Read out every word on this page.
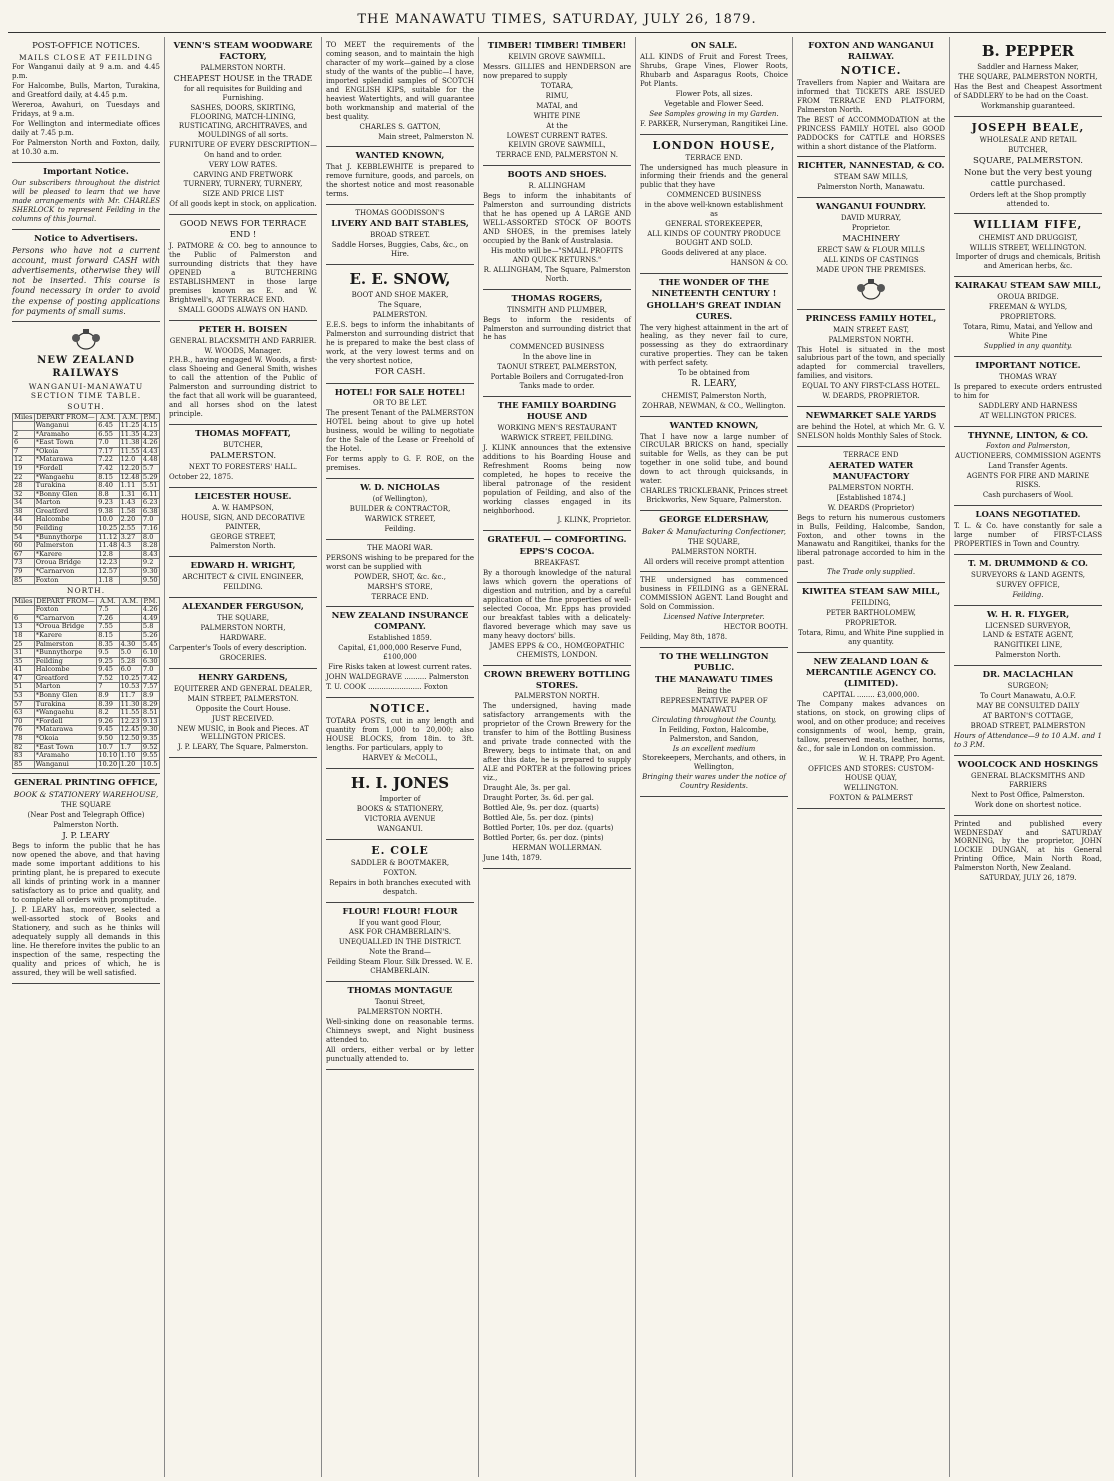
THE MANAWATU TIMES, SATURDAY, JULY 26, 1879.
POST-OFFICE NOTICES.
MAILS CLOSE AT FEILDING
For Wanganui daily at 9 a.m. and 4.45 p.m.
For Halcombe, Bulls, Marton, Turakina, and Greatford daily, at 4.45 p.m.
Wereroa, Awahuri, on Tuesdays and Fridays, at 9 a.m.
For Wellington and intermediate offices daily at 7.45 p.m.
For Palmerston North and Foxton, daily, at 10.30 a.m.
Important Notice.
Our subscribers throughout the district will be pleased to learn that we have made arrangements with Mr. CHARLES SHERLOCK to represent Feilding in the columns of this Journal.
Notice to Advertisers.
Persons who have not a current account, must forward CASH with advertisements, otherwise they will not be inserted. This course is found necessary in order to avoid the expense of posting applications for payments of small sums.
NEW ZEALAND RAILWAYS
WANGANUI-MANAWATU SECTION TIME TABLE.
SOUTH.
Miles	DEPART FROM—	A.M.	A.M.	P.M.
	Wanganui	6.45	11.25	4.15
2	*Aramaho	6.55	11.35	4.23
6	*East Town	7.0	11.38	4.26
7	*Okoia	7.17	11.55	4.43
12	*Matarawa	7.22	12.0	4.48
19	*Fordell	7.42	12.20	5.7
22	*Wangaehu	8.15	12.48	5.29
28	Turakina	8.40	1.11	5.51
32	*Bonny Glen	8.8	1.31	6.11
34	Marton	9.23	1.43	6.23
38	Greatford	9.38	1.58	6.38
44	Halcombe	10.0	2.20	7.0
50	Feilding	10.25	2.55	7.16
54	*Bunnythorpe	11.12	3.27	8.0
60	Palmerston	11.48	4.3	8.28
67	*Karere	12.8		8.43
73	Oroua Bridge	12.23		9.2
79	*Carnarvon	12.57		9.30
85	Foxton	1.18		9.50
NORTH.
Miles	DEPART FROM—	A.M.	A.M.	P.M.
	Foxton	7.5		4.26
6	*Carnarvon	7.26		4.49
13	*Oroua Bridge	7.55		5.8
18	*Karere	8.15		5.26
25	Palmerston	8.35	4.30	5.45
31	*Bunnythorpe	9.5	5.0	6.10
35	Feilding	9.25	5.28	6.30
41	Halcombe	9.45	6.0	7.0
47	Greatford	7.52	10.25	7.42
51	Marton	7	10.53	7.57
53	*Bonny Glen	8.9	11.7	8.9
57	Turakina	8.39	11.30	8.29
63	*Wangaehu	8.2	11.55	8.51
70	*Fordell	9.26	12.23	9.13
76	*Matarawa	9.45	12.45	9.30
78	*Okoia	9.50	12.50	9.35
82	*East Town	10.7	1.7	9.52
83	*Aramaho	10.10	1.10	9.55
85	Wanganui	10.20	1.20	10.5
GENERAL PRINTING OFFICE,
BOOK & STATIONERY WAREHOUSE,
THE SQUARE
(Near Post and Telegraph Office)
Palmerston North.
J. P. LEARY
Begs to inform the public that he has now opened the above, and that having made some important additions to his printing plant, he is prepared to execute all kinds of printing work in a manner satisfactory as to price and quality, and to complete all orders with promptitude.
J. P. LEARY has, moreover, selected a well-assorted stock of Books and Stationery, and such as he thinks will adequately supply all demands in this line. He therefore invites the public to an inspection of the same, respecting the quality and prices of which, he is assured, they will be well satisfied.
VENN'S STEAM WOODWARE FACTORY,
PALMERSTON NORTH.
CHEAPEST HOUSE in the TRADE
for all requisites for Building and Furnishing.
SASHES, DOORS, SKIRTING, FLOORING, MATCH-LINING, RUSTICATING, ARCHITRAVES, and MOULDINGS of all sorts.
FURNITURE OF EVERY DESCRIPTION—
On hand and to order.
VERY LOW RATES.
CARVING AND FRETWORK
TURNERY, TURNERY, TURNERY,
SIZE AND PRICE LIST
Of all goods kept in stock, on application.
GOOD NEWS FOR TERRACE END !
J. PATMORE & CO. beg to announce to the Public of Palmerston and surrounding districts that they have OPENED a BUTCHERING ESTABLISHMENT in those large premises known as E. and W. Brightwell's, AT TERRACE END.
SMALL GOODS ALWAYS ON HAND.
PETER H. BOISEN
GENERAL BLACKSMITH AND FARRIER.
W. WOODS, Manager.
P.H.B., having engaged W. Woods, a first-class Shoeing and General Smith, wishes to call the attention of the Public of Palmerston and surrounding district to the fact that all work will be guaranteed, and all horses shod on the latest principle.
THOMAS MOFFATT,
BUTCHER,
PALMERSTON.
NEXT TO FORESTERS' HALL.
October 22, 1875.
LEICESTER HOUSE.
A. W. HAMPSON,
HOUSE, SIGN, AND DECORATIVE PAINTER,
GEORGE STREET,
Palmerston North.
EDWARD H. WRIGHT,
ARCHITECT & CIVIL ENGINEER,
FEILDING.
ALEXANDER FERGUSON,
THE SQUARE,
PALMERSTON NORTH,
HARDWARE.
Carpenter's Tools of every description.
GROCERIES.
HENRY GARDENS,
EQUITERER AND GENERAL DEALER,
MAIN STREET, PALMERSTON.
Opposite the Court House.
JUST RECEIVED.
NEW MUSIC, in Book and Pieces. AT WELLINGTON PRICES.
J. P. LEARY, The Square, Palmerston.
TO MEET the requirements of the coming season, and to maintain the high character of my work—gained by a close study of the wants of the public—I have, imported splendid samples of SCOTCH and ENGLISH KIPS, suitable for the heaviest Watertights, and will guarantee both workmanship and material of the best quality.
CHARLES S. GATTON,
Main street, Palmerston N.
WANTED KNOWN,
That J. KEBBLEWHITE is prepared to remove furniture, goods, and parcels, on the shortest notice and most reasonable terms.
THOMAS GOODISSON'S
LIVERY AND BAIT STABLES,
BROAD STREET.
Saddle Horses, Buggies, Cabs, &c., on Hire.
E. E. SNOW,
BOOT AND SHOE MAKER,
The Square,
PALMERSTON.
E.E.S. begs to inform the inhabitants of Palmerston and surrounding district that he is prepared to make the best class of work, at the very lowest terms and on the very shortest notice,
FOR CASH.
HOTEL! FOR SALE HOTEL!
OR TO BE LET.
The present Tenant of the PALMERSTON HOTEL being about to give up hotel business, would be willing to negotiate for the Sale of the Lease or Freehold of the Hotel.
For terms apply to G. F. ROE, on the premises.
W. D. NICHOLAS
(of Wellington),
BUILDER & CONTRACTOR,
WARWICK STREET,
Feilding.
THE MAORI WAR.
PERSONS wishing to be prepared for the worst can be supplied with
POWDER, SHOT, &c. &c.,
MARSH'S STORE,
TERRACE END.
NEW ZEALAND INSURANCE COMPANY.
Established 1859.
Capital, £1,000,000 Reserve Fund, £100,000
Fire Risks taken at lowest current rates.
JOHN WALDEGRAVE .......... Palmerston
T. U. COOK ........................ Foxton
NOTICE.
TOTARA POSTS, cut in any length and quantity from 1,000 to 20,000; also HOUSE BLOCKS, from 18in. to 3ft. lengths. For particulars, apply to
HARVEY & McCOLL,
H. I. JONES
Importer of
BOOKS & STATIONERY,
VICTORIA AVENUE
WANGANUI.
E. COLE
SADDLER & BOOTMAKER,
FOXTON.
Repairs in both branches executed with despatch.
FLOUR! FLOUR! FLOUR
If you want good Flour,
ASK FOR CHAMBERLAIN'S.
UNEQUALLED IN THE DISTRICT.
Note the Brand—
Feilding Steam Flour. Silk Dressed. W. E. CHAMBERLAIN.
THOMAS MONTAGUE
Taonui Street,
PALMERSTON NORTH.
Well-sinking done on reasonable terms. Chimneys swept, and Night business attended to.
All orders, either verbal or by letter punctually attended to.
TIMBER! TIMBER! TIMBER!
KELVIN GROVE SAWMILL.
Messrs. GILLIES and HENDERSON are now prepared to supply
TOTARA,
RIMU,
MATAI, and
WHITE PINE
At the
LOWEST CURRENT RATES.
KELVIN GROVE SAWMILL,
TERRACE END, PALMERSTON N.
BOOTS AND SHOES.
R. ALLINGHAM
Begs to inform the inhabitants of Palmerston and surrounding districts that he has opened up A LARGE AND WELL-ASSORTED STOCK OF BOOTS AND SHOES, in the premises lately occupied by the Bank of Australasia.
His motto will be—"SMALL PROFITS AND QUICK RETURNS."
R. ALLINGHAM, The Square, Palmerston North.
THOMAS ROGERS,
TINSMITH AND PLUMBER,
Begs to inform the residents of Palmerston and surrounding district that he has
COMMENCED BUSINESS
In the above line in
TAONUI STREET, PALMERSTON,
Portable Boilers and Corrugated-Iron Tanks made to order.
THE FAMILY BOARDING HOUSE AND
WORKING MEN'S RESTAURANT
WARWICK STREET, FEILDING.
J. KLINK announces that the extensive additions to his Boarding House and Refreshment Rooms being now completed, he hopes to receive the liberal patronage of the resident population of Feilding, and also of the working classes engaged in its neighborhood.
J. KLINK, Proprietor.
GRATEFUL — COMFORTING.
EPPS'S COCOA.
BREAKFAST.
By a thorough knowledge of the natural laws which govern the operations of digestion and nutrition, and by a careful application of the fine properties of well-selected Cocoa, Mr. Epps has provided our breakfast tables with a delicately-flavored beverage which may save us many heavy doctors' bills.
JAMES EPPS & CO., HOMŒOPATHIC CHEMISTS, LONDON.
CROWN BREWERY BOTTLING STORES.
PALMERSTON NORTH.
The undersigned, having made satisfactory arrangements with the proprietor of the Crown Brewery for the transfer to him of the Bottling Business and private trade connected with the Brewery, begs to intimate that, on and after this date, he is prepared to supply ALE and PORTER at the following prices viz.,
Draught Ale, 3s. per gal.
Draught Porter, 3s. 6d. per gal.
Bottled Ale, 9s. per doz. (quarts)
Bottled Ale, 5s. per doz. (pints)
Bottled Porter, 10s. per doz. (quarts)
Bottled Porter, 6s. per doz. (pints)
HERMAN WOLLERMAN.
June 14th, 1879.
ON SALE.
ALL KINDS of Fruit and Forest Trees, Shrubs, Grape Vines, Flower Roots, Rhubarb and Asparagus Roots, Choice Pot Plants.
Flower Pots, all sizes.
Vegetable and Flower Seed.
See Samples growing in my Garden.
F. PARKER, Nurseryman, Rangitikei Line.
LONDON HOUSE,
TERRACE END.
The undersigned has much pleasure in informing their friends and the general public that they have
COMMENCED BUSINESS
in the above well-known establishment as
GENERAL STOREKEEPER,
ALL KINDS OF COUNTRY PRODUCE BOUGHT AND SOLD.
Goods delivered at any place.
HANSON & CO.
THE WONDER OF THE NINETEENTH CENTURY !
GHOLLAH'S GREAT INDIAN CURES.
The very highest attainment in the art of healing, as they never fail to cure, possessing as they do extraordinary curative properties. They can be taken with perfect safety.
To be obtained from
R. LEARY,
CHEMIST, Palmerston North,
ZOHRAB, NEWMAN, & CO., Wellington.
WANTED KNOWN,
That I have now a large number of CIRCULAR BRICKS on hand, specially suitable for Wells, as they can be put together in one solid tube, and bound down to act through quicksands, in water.
CHARLES TRICKLEBANK, Princes street Brickworks, New Square, Palmerston.
GEORGE ELDERSHAW,
Baker & Manufacturing Confectioner,
THE SQUARE,
PALMERSTON NORTH.
All orders will receive prompt attention
THE undersigned has commenced business in FEILDING as a GENERAL COMMISSION AGENT. Land Bought and Sold on Commission.
Licensed Native Interpreter.
HECTOR BOOTH.
Feilding, May 8th, 1878.
TO THE WELLINGTON PUBLIC.
THE MANAWATU TIMES
Being the
REPRESENTATIVE PAPER OF MANAWATU
Circulating throughout the County,
In Feilding, Foxton, Halcombe, Palmerston, and Sandon,
Is an excellent medium
Storekeepers, Merchants, and others, in Wellington,
Bringing their wares under the notice of Country Residents.
FOXTON AND WANGANUI RAILWAY.
NOTICE.
Travellers from Napier and Waitara are informed that TICKETS ARE ISSUED FROM TERRACE END PLATFORM, Palmerston North.
The BEST of ACCOMMODATION at the PRINCESS FAMILY HOTEL also GOOD PADDOCKS for CATTLE and HORSES within a short distance of the Platform.
RICHTER, NANNESTAD, & CO.
STEAM SAW MILLS,
Palmerston North, Manawatu.
WANGANUI FOUNDRY.
DAVID MURRAY,
Proprietor.
MACHINERY
ERECT SAW & FLOUR MILLS
ALL KINDS OF CASTINGS
MADE UPON THE PREMISES.
PRINCESS FAMILY HOTEL,
MAIN STREET EAST,
PALMERSTON NORTH.
This Hotel is situated in the most salubrious part of the town, and specially adapted for commercial travellers, families, and visitors.
EQUAL TO ANY FIRST-CLASS HOTEL.
W. DEARDS, PROPRIETOR.
NEWMARKET SALE YARDS
are behind the Hotel, at which Mr. G. V. SNELSON holds Monthly Sales of Stock.
TERRACE END
AERATED WATER MANUFACTORY
PALMERSTON NORTH.
[Established 1874.]
W. DEARDS (Proprietor)
Begs to return his numerous customers in Bulls, Feilding, Halcombe, Sandon, Foxton, and other towns in the Manawatu and Rangitikei, thanks for the liberal patronage accorded to him in the past.
The Trade only supplied.
KIWITEA STEAM SAW MILL,
FEILDING,
PETER BARTHOLOMEW,
PROPRIETOR.
Totara, Rimu, and White Pine supplied in any quantity.
NEW ZEALAND LOAN & MERCANTILE AGENCY CO. (LIMITED).
CAPITAL ........ £3,000,000.
The Company makes advances on stations, on stock, on growing clips of wool, and on other produce; and receives consignments of wool, hemp, grain, tallow, preserved meats, leather, horns, &c., for sale in London on commission.
W. H. TRAPP, Pro Agent.
OFFICES AND STORES: CUSTOM-HOUSE QUAY,
WELLINGTON.
FOXTON & PALMERST
B. PEPPER
Saddler and Harness Maker,
THE SQUARE, PALMERSTON NORTH,
Has the Best and Cheapest Assortment of SADDLERY to be had on the Coast.
Workmanship guaranteed.
JOSEPH BEALE,
WHOLESALE AND RETAIL
BUTCHER,
SQUARE, PALMERSTON.
None but the very best young cattle purchased.
Orders left at the Shop promptly attended to.
WILLIAM FIFE,
CHEMIST AND DRUGGIST,
WILLIS STREET, WELLINGTON.
Importer of drugs and chemicals, British and American herbs, &c.
KAIRAKAU STEAM SAW MILL,
OROUA BRIDGE.
FREEMAN & WYLDS,
PROPRIETORS.
Totara, Rimu, Matai, and Yellow and White Pine
Supplied in any quantity.
IMPORTANT NOTICE.
THOMAS WRAY
Is prepared to execute orders entrusted to him for
SADDLERY AND HARNESS
AT WELLINGTON PRICES.
THYNNE, LINTON, & CO.
Foxton and Palmerston,
AUCTIONEERS, COMMISSION AGENTS
Land Transfer Agents.
AGENTS FOR FIRE AND MARINE RISKS.
Cash purchasers of Wool.
LOANS NEGOTIATED.
T. L. & Co. have constantly for sale a large number of FIRST-CLASS PROPERTIES in Town and Country.
T. M. DRUMMOND & CO.
SURVEYORS & LAND AGENTS,
SURVEY OFFICE,
Feilding.
W. H. R. FLYGER,
LICENSED SURVEYOR,
LAND & ESTATE AGENT,
RANGITIKEI LINE,
Palmerston North.
DR. MACLACHLAN
SURGEON;
To Court Manawatu, A.O.F.
MAY BE CONSULTED DAILY
AT BARTON'S COTTAGE,
BROAD STREET, PALMERSTON
Hours of Attendance—9 to 10 A.M. and 1 to 3 P.M.
WOOLCOCK AND HOSKINGS
GENERAL BLACKSMITHS AND FARRIERS
Next to Post Office, Palmerston.
Work done on shortest notice.
Printed and published every WEDNESDAY and SATURDAY MORNING, by the proprietor, JOHN LOCKIE DUNGAN, at his General Printing Office, Main North Road, Palmerston North, New Zealand.
SATURDAY, JULY 26, 1879.
